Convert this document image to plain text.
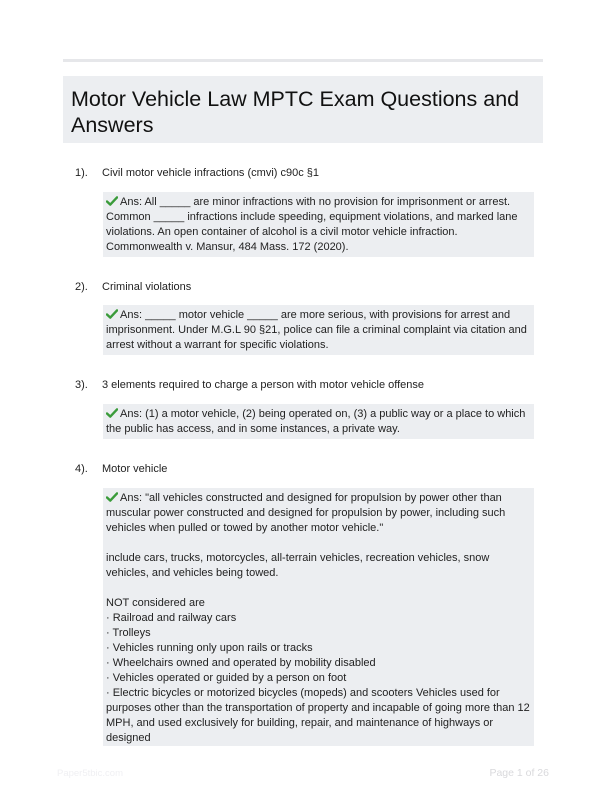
Motor Vehicle Law MPTC Exam Questions and Answers
1). Civil motor vehicle infractions (cmvi) c90c §1

Ans: All _____ are minor infractions with no provision for imprisonment or arrest. Common _____ infractions include speeding, equipment violations, and marked lane violations. An open container of alcohol is a civil motor vehicle infraction. Commonwealth v. Mansur, 484 Mass. 172 (2020).

2). Criminal violations

Ans: _____ motor vehicle _____ are more serious, with provisions for arrest and imprisonment. Under M.G.L 90 §21, police can file a criminal complaint via citation and arrest without a warrant for specific violations.

3). 3 elements required to charge a person with motor vehicle offense

Ans: (1) a motor vehicle, (2) being operated on, (3) a public way or a place to which the public has access, and in some instances, a private way.

4). Motor vehicle

Ans: "all vehicles constructed and designed for propulsion by power other than muscular power constructed and designed for propulsion by power, including such vehicles when pulled or towed by another motor vehicle."

include cars, trucks, motorcycles, all-terrain vehicles, recreation vehicles, snow vehicles, and vehicles being towed.

NOT considered are

· Railroad and railway cars

· Trolleys

· Vehicles running only upon rails or tracks

· Wheelchairs owned and operated by mobility disabled

· Vehicles operated or guided by a person on foot

· Electric bicycles or motorized bicycles (mopeds) and scooters Vehicles used for purposes other than the transportation of property and incapable of going more than 12 MPH, and used exclusively for building, repair, and maintenance of highways or designed

Paper5tbic.com	Page 1 of 26
